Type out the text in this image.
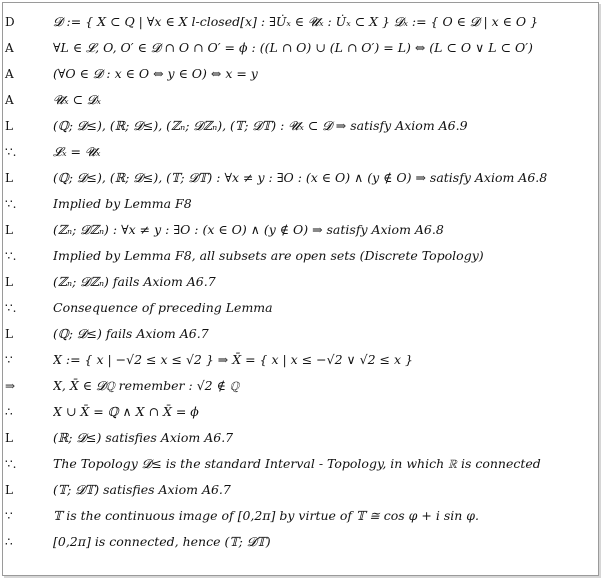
D	𝓓 := { X ⊂ Q | ∀x ∈ X l-closed[x] : ∃U̇ₓ ∈ 𝓤̇ₓ : U̇ₓ ⊂ X } 𝓓ₓ := { O ∈ 𝓓 | x ∈ O }
A	∀L ∈ 𝓛, O, O′ ∈ 𝓓 ∩ O ∩ O′ = ϕ : ((L ∩ O) ∪ (L ∩ O′) = L) ⇔ (L ⊂ O ∨ L ⊂ O′)
A	(∀O ∈ 𝓓 : x ∈ O ⇔ y ∈ O) ⇔ x = y
A	𝓤̇ₓ ⊂ 𝓓ₓ
L	(ℚ; 𝓓≤), (ℝ; 𝓓≤), (ℤₙ; 𝓓ℤₙ), (𝕋; 𝓓𝕋) : 𝓤̇ₓ ⊂ 𝓓 ⇒ satisfy Axiom A6.9
∵.	𝓛̇ₓ = 𝓤̇ₓ
L	(ℚ; 𝓓≤), (ℝ; 𝓓≤), (𝕋; 𝓓𝕋) : ∀x ≠ y : ∃O : (x ∈ O) ∧ (y ∉ O) ⇒ satisfy Axiom A6.8
∵.	Implied by Lemma F8
L	(ℤₙ; 𝓓ℤₙ) : ∀x ≠ y : ∃O : (x ∈ O) ∧ (y ∉ O) ⇒ satisfy Axiom A6.8
∵.	Implied by Lemma F8, all subsets are open sets (Discrete Topology)
L	(ℤₙ; 𝓓ℤₙ) fails Axiom A6.7
∵.	Consequence of preceding Lemma
L	(ℚ; 𝓓≤) fails Axiom A6.7
∵	X := { x | −√2 ≤ x ≤ √2 } ⇒ X̄ = { x | x ≤ −√2 ∨ √2 ≤ x }
⇒	X, X̄ ∈ 𝓓ℚ remember : √2 ∉ ℚ
∴	X ∪ X̄ = ℚ ∧ X ∩ X̄ = ϕ
L	(ℝ; 𝓓≤) satisfies Axiom A6.7
∵.	The Topology 𝓓≤ is the standard Interval - Topology, in which ℝ is connected
L	(𝕋; 𝓓𝕋) satisfies Axiom A6.7
∵	𝕋 is the continuous image of [0,2π] by virtue of 𝕋 ≅ cos φ + i sin φ.
∴	[0,2π] is connected, hence (𝕋; 𝓓𝕋)
